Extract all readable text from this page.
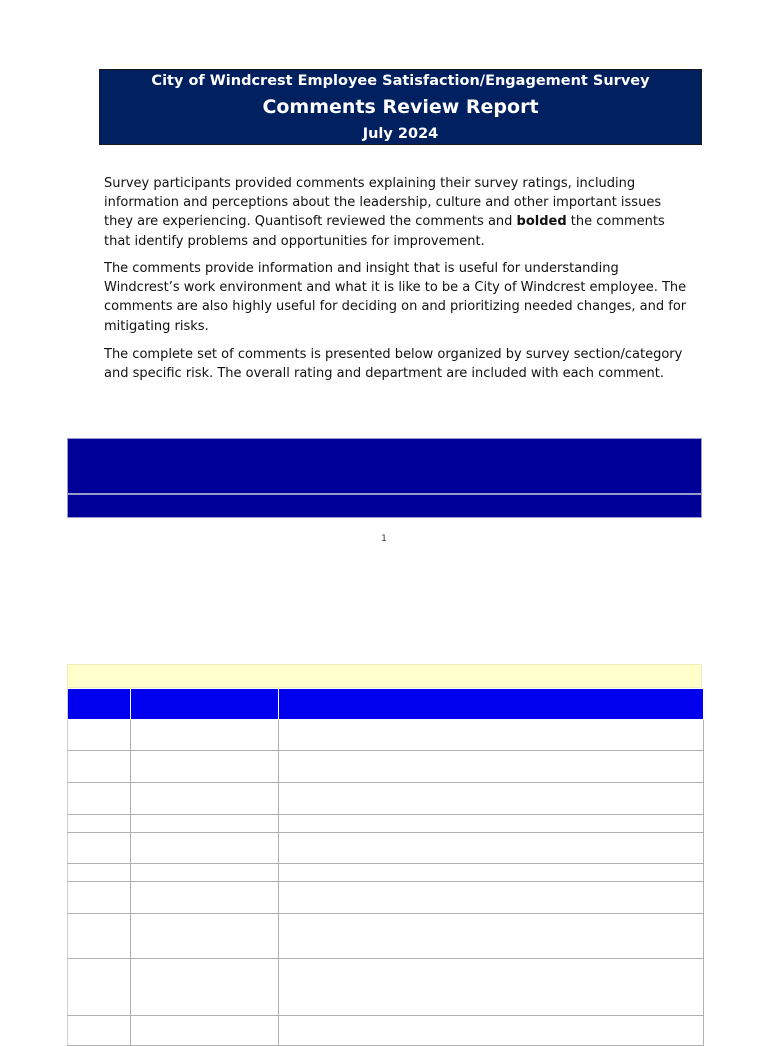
City of Windcrest Employee Satisfaction/Engagement Survey
Comments Review Report
July 2024

Survey participants provided comments explaining their survey ratings, including information and perceptions about the leadership, culture and other important issues they are experiencing. Quantisoft reviewed the comments and bolded the comments that identify problems and opportunities for improvement.

The comments provide information and insight that is useful for understanding Windcrest’s work environment and what it is like to be a City of Windcrest employee. The comments are also highly useful for deciding on and prioritizing needed changes, and for mitigating risks.

The complete set of comments is presented below organized by survey section/category and specific risk. The overall rating and department are included with each comment.

1
